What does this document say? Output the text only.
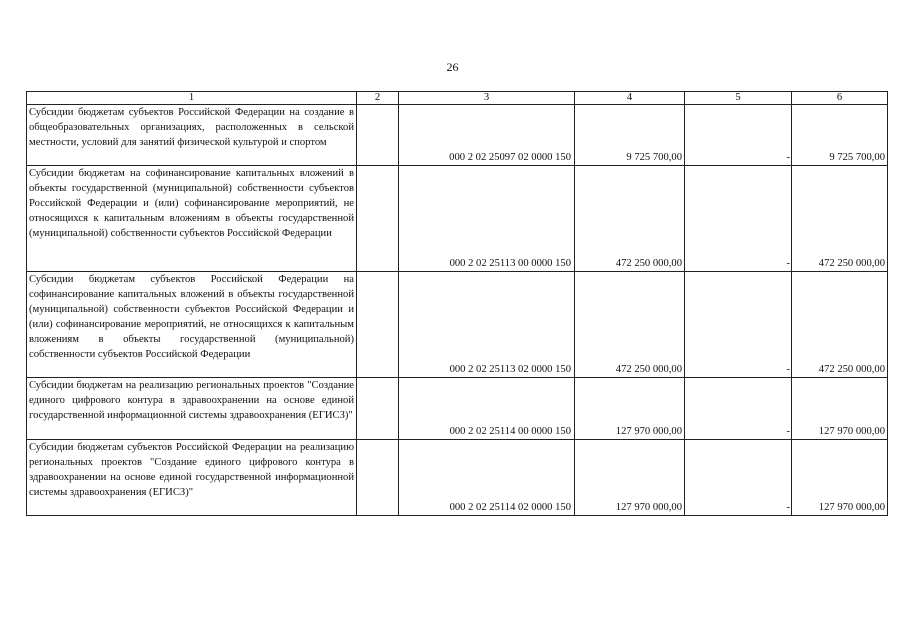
26
1	2	3	4	5	6
Субсидии бюджетам субъектов Российской Федерации на создание в общеобразовательных организациях, расположенных в сельской местности, условий для занятий физической культурой и спортом		000 2 02 25097 02 0000 150	9 725 700,00	-	9 725 700,00
Субсидии бюджетам на софинансирование капитальных вложений в объекты государственной (муниципальной) собственности субъектов Российской Федерации и (или) софинансирование мероприятий, не относящихся к капитальным вложениям в объекты государственной (муниципальной) собственности субъектов Российской Федерации		000 2 02 25113 00 0000 150	472 250 000,00	-	472 250 000,00
Субсидии бюджетам субъектов Российской Федерации на софинансирование капитальных вложений в объекты государственной (муниципальной) собственности субъектов Российской Федерации и (или) софинансирование мероприятий, не относящихся к капитальным вложениям в объекты государственной (муниципальной) собственности субъектов Российской Федерации		000 2 02 25113 02 0000 150	472 250 000,00	-	472 250 000,00
Субсидии бюджетам на реализацию региональных проектов "Создание единого цифрового контура в здравоохранении на основе единой государственной информационной системы здравоохранения (ЕГИСЗ)"		000 2 02 25114 00 0000 150	127 970 000,00	-	127 970 000,00
Субсидии бюджетам субъектов Российской Федерации на реализацию региональных проектов "Создание единого цифрового контура в здравоохранении на основе единой государственной информационной системы здравоохранения (ЕГИСЗ)"		000 2 02 25114 02 0000 150	127 970 000,00	-	127 970 000,00
